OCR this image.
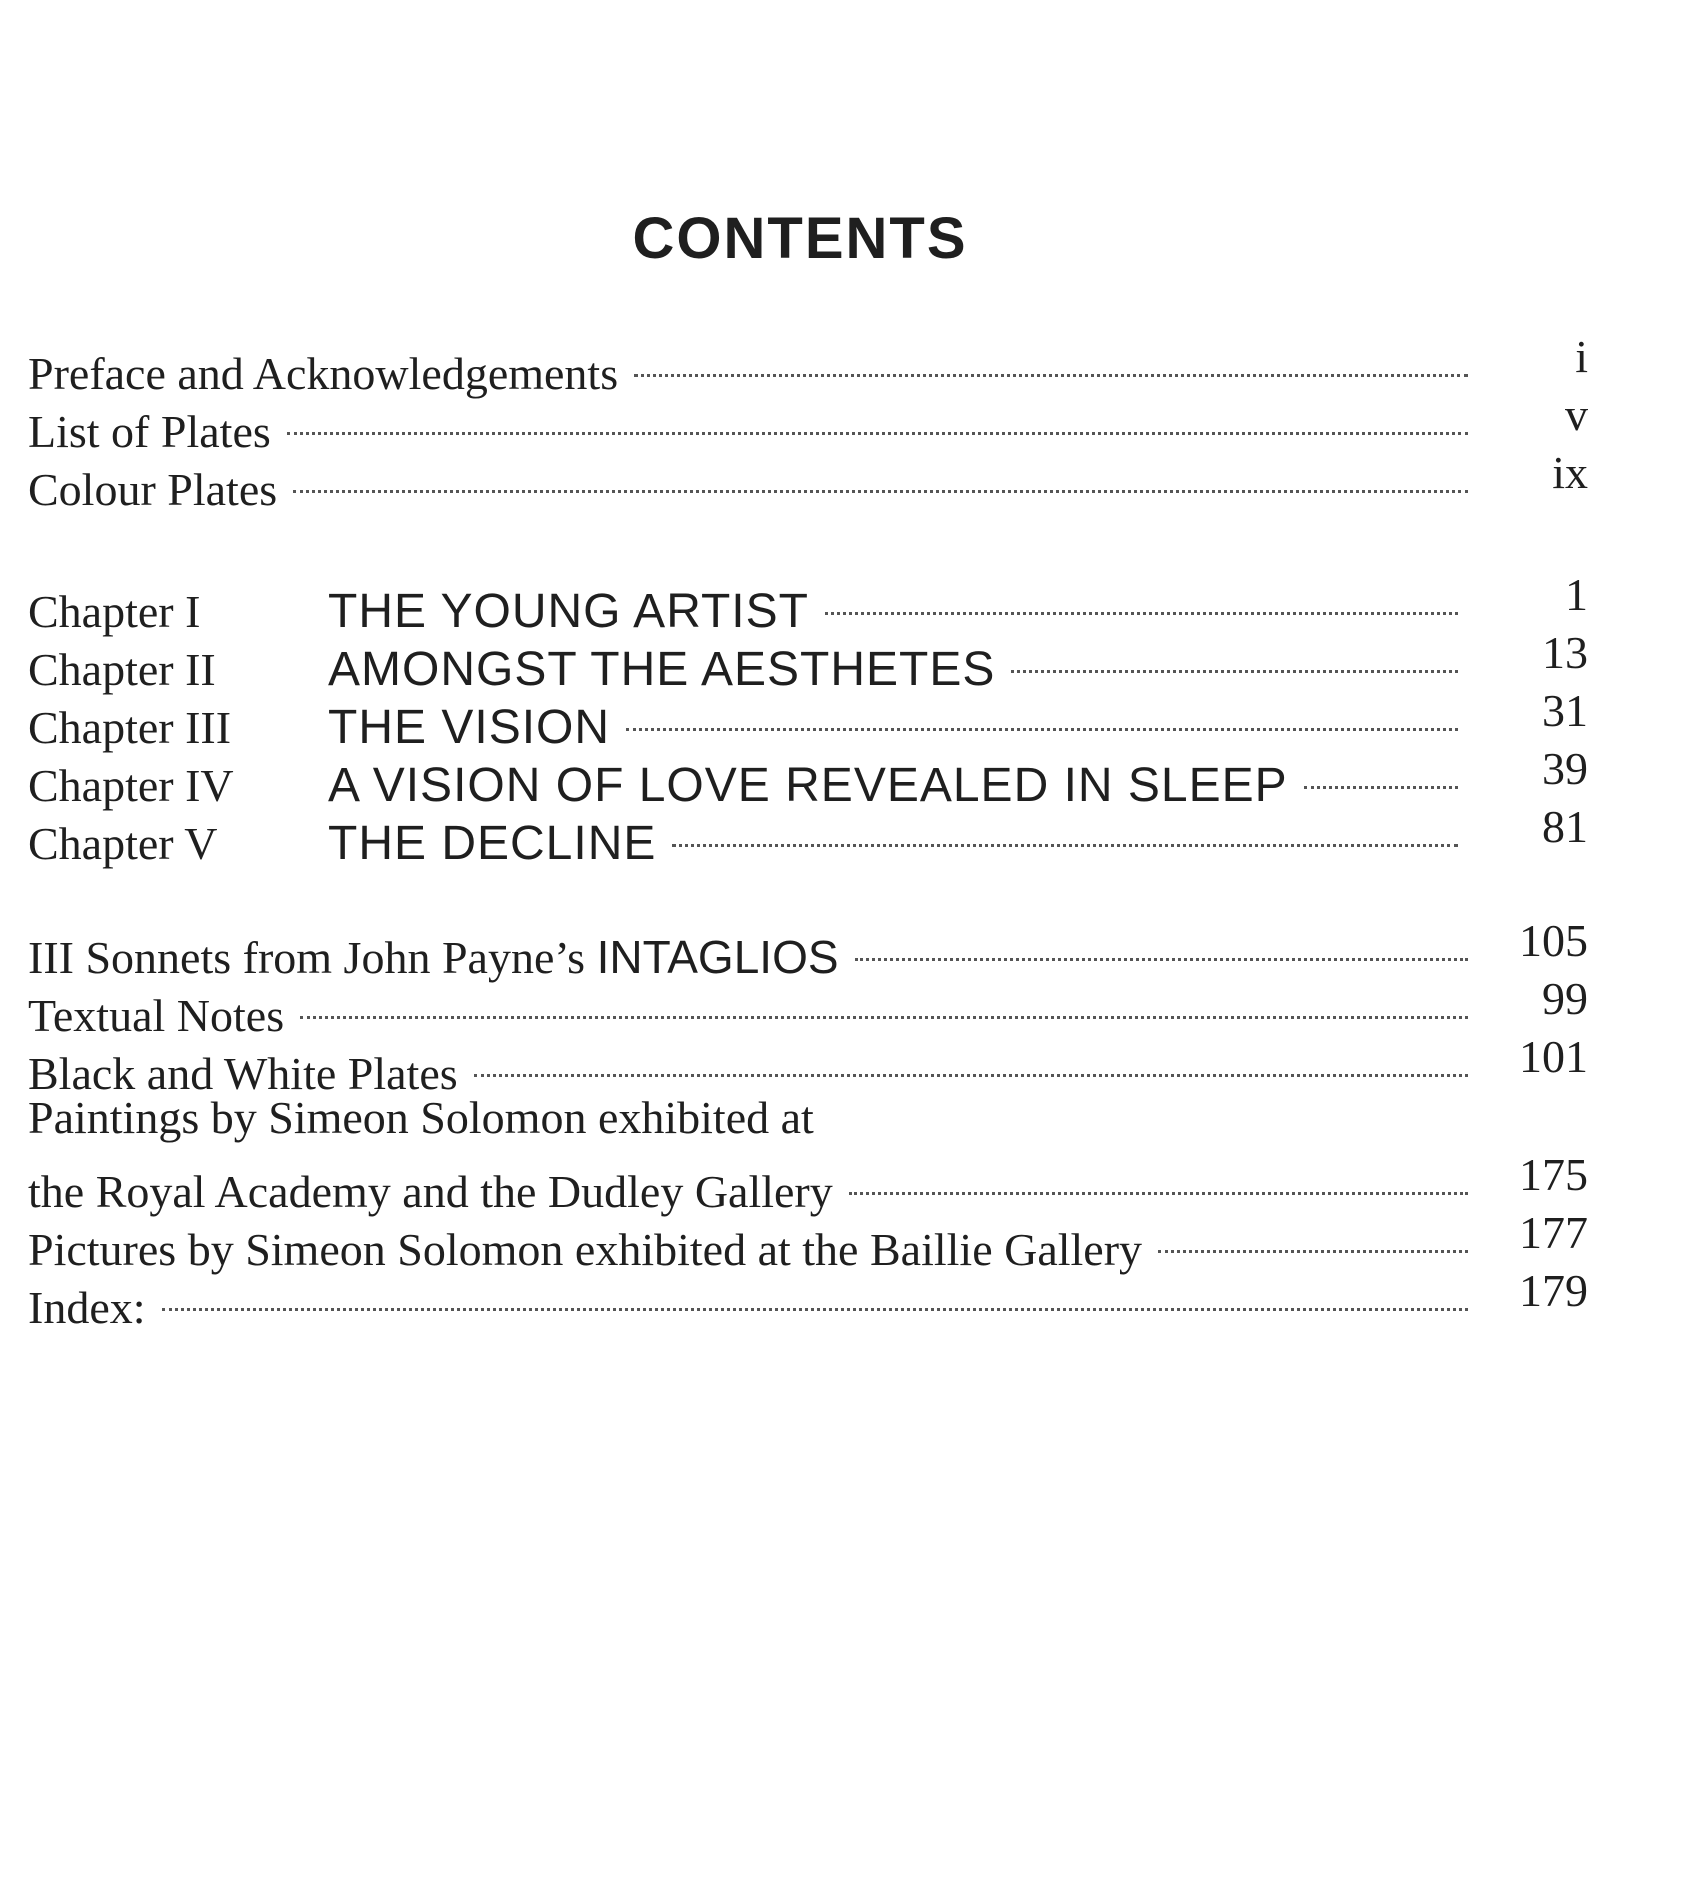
CONTENTS
Preface and Acknowledgements	i
List of Plates	v
Colour Plates	ix
Chapter I	THE YOUNG ARTIST	1
Chapter II	AMONGST THE AESTHETES	13
Chapter III	THE VISION	31
Chapter IV	A VISION OF LOVE REVEALED IN SLEEP	39
Chapter V	THE DECLINE	81
III Sonnets from John Payne’s INTAGLIOS	105
Textual Notes	99
Black and White Plates	101
Paintings by Simeon Solomon exhibited at
the Royal Academy and the Dudley Gallery	175
Pictures by Simeon Solomon exhibited at the Baillie Gallery	177
Index:	179
